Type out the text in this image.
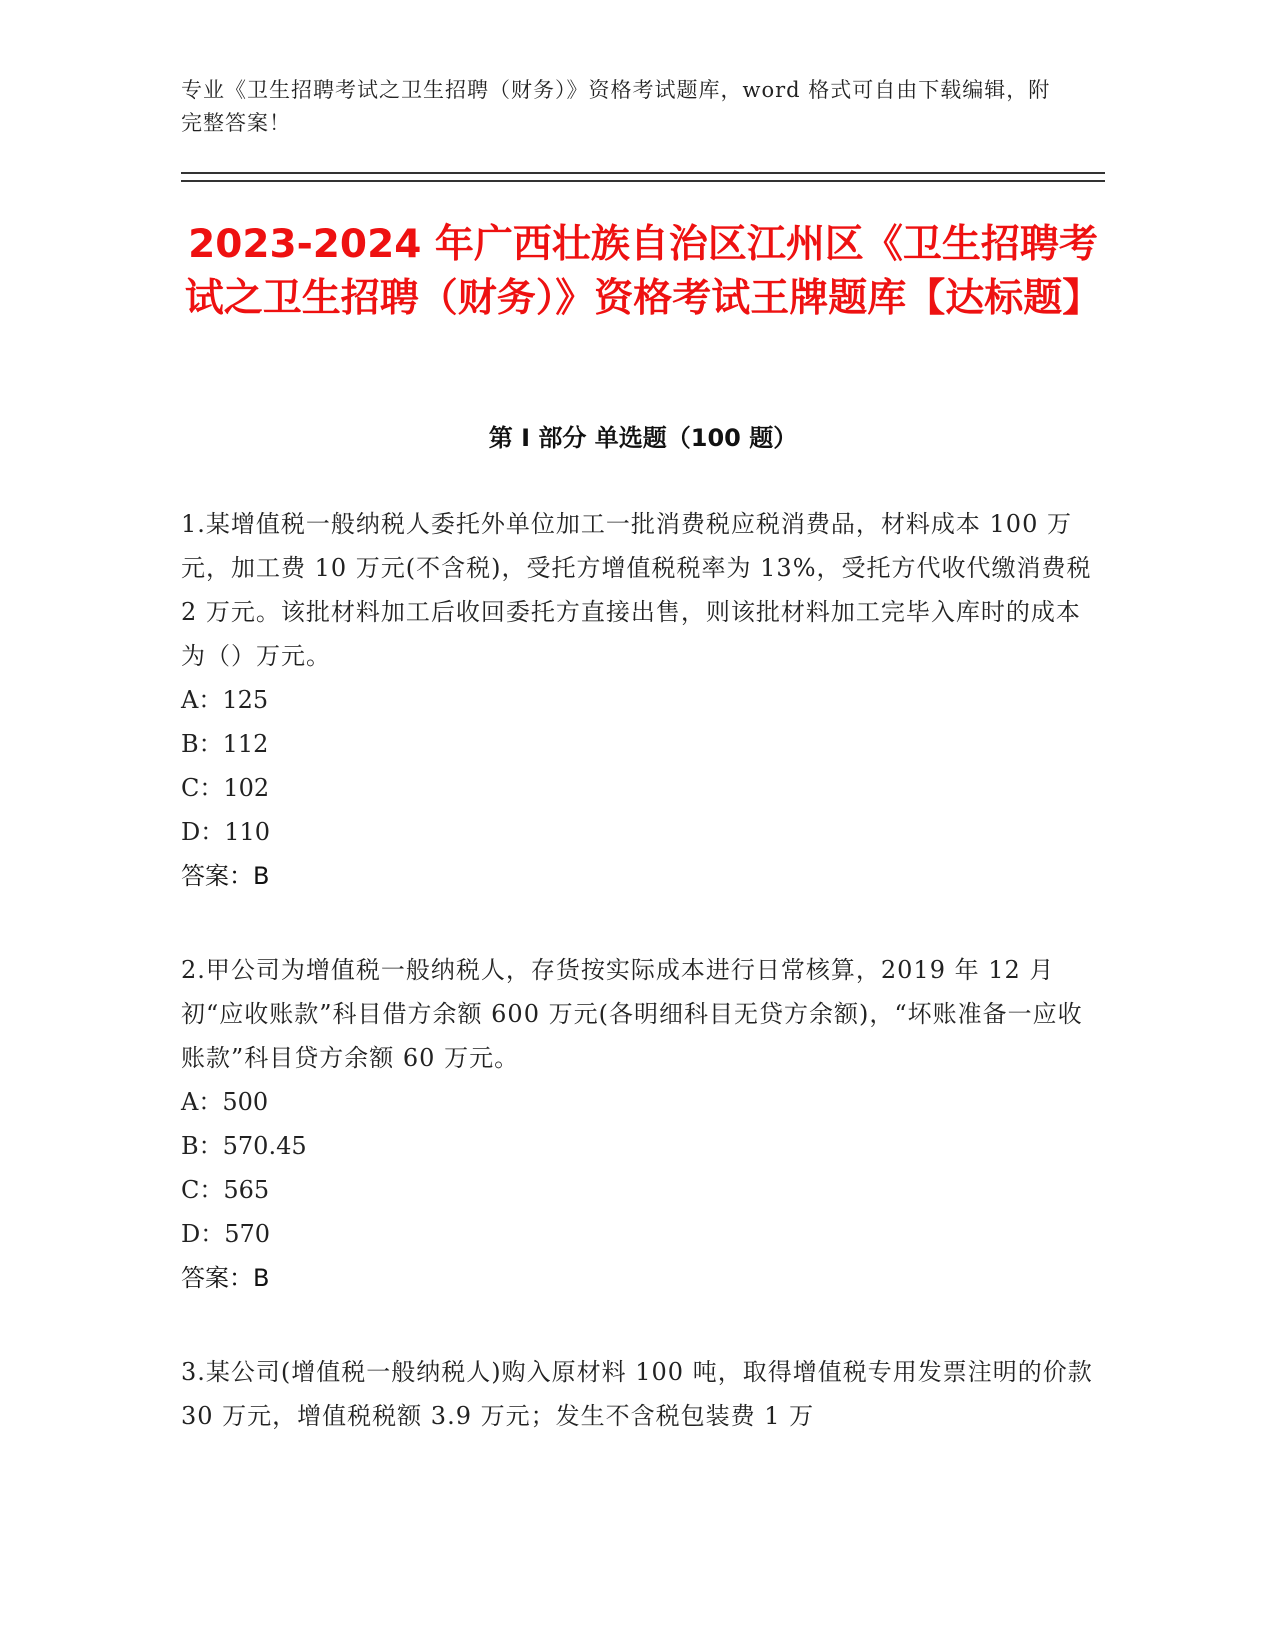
专业《卫生招聘考试之卫生招聘（财务）》资格考试题库，word 格式可自由下载编辑，附完整答案！
2023-2024 年广西壮族自治区江州区《卫生招聘考试之卫生招聘（财务）》资格考试王牌题库【达标题】
第 I 部分 单选题（100 题）

1.某增值税一般纳税人委托外单位加工一批消费税应税消费品，材料成本 100 万元，加工费 10 万元(不含税)，受托方增值税税率为 13%，受托方代收代缴消费税 2 万元。该批材料加工后收回委托方直接出售，则该批材料加工完毕入库时的成本为（）万元。

A：125

B：112

C：102

D：110

答案：B

2.甲公司为增值税一般纳税人，存货按实际成本进行日常核算，2019 年 12 月初“应收账款”科目借方余额 600 万元(各明细科目无贷方余额)，“坏账准备一应收账款”科目贷方余额 60 万元。

A：500

B：570.45

C：565

D：570

答案：B

3.某公司(增值税一般纳税人)购入原材料 100 吨，取得增值税专用发票注明的价款 30 万元，增值税税额 3.9 万元；发生不含税包装费 1 万
